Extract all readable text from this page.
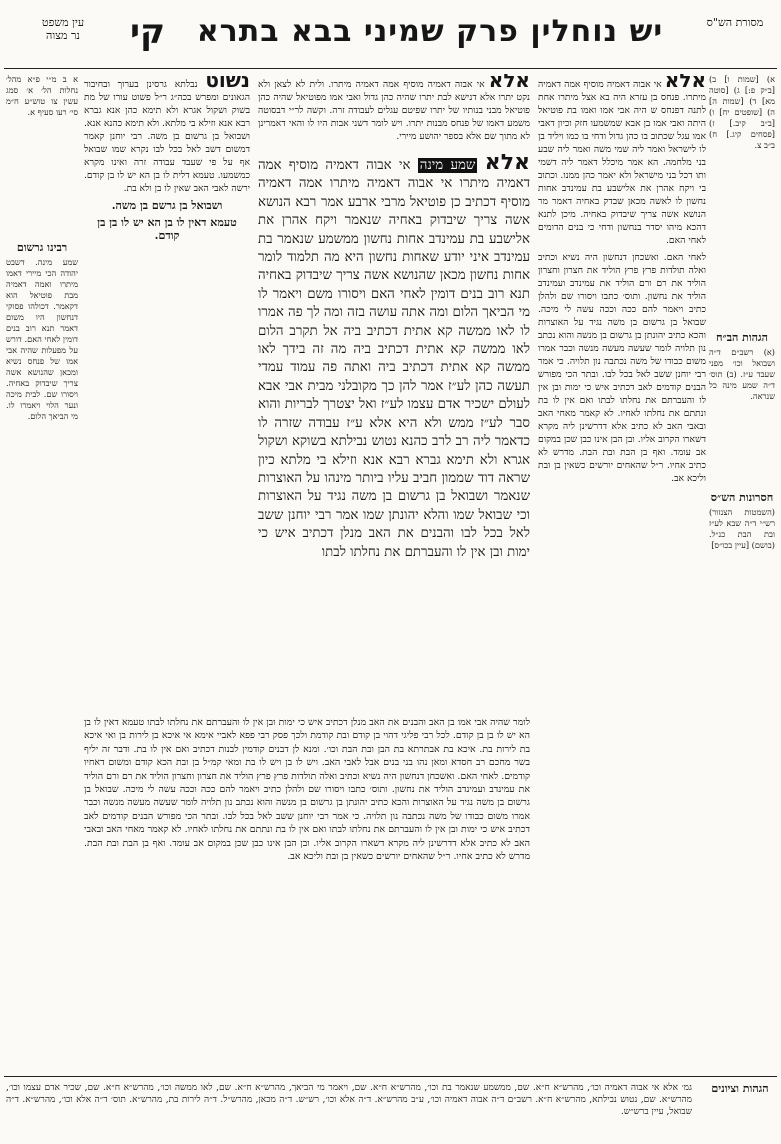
עין משפט
נר מצוה	קי	יש נוחלין פרק שמיני בבא בתרא	מסורת הש"ס
א) [שמות ו] ב) [ב״ק פ:] ג) [סוטה מא] ד) [שמות ה] ה) [שופטים יח] ו) [ב״ב קיב.] ז) [פסחים קיג.] ח) ב״ב צ.
הגהות הב״ח
(א) רשב״ם ד״ה ושבואל וכו׳ מפני שעבד ע״ז. (ב) תוס׳ ד״ה שמע מינה כל שנראה.
חסרונות הש״ס
(השמטות הצנזור) רש״י ד״ה שבא לע״ז ובת הבת כנ״ל. (בושם) [עיין בכו״ס]
אלא אי אבוה דאמיה מוסיף אמה דאמיה מיתרו. פנחס בן עזרא היה בא אצל מיתרו אחת לתנה דפנחס ש היה אבי אמו ואמו בת פוטיאל היתה ואבי אמו בן אבא שמשמעו חזק וכיון דאבי אמו עגל שכתוב בו כהן גדול ודחי בו כמו ויליד בן לו לישראל ואמר ליה שמי משה ואמר ליה שבע בני מלחמה. הא אמר מיכלל דאמר ליה דשמי ותו דכל בני מישראל ולא יאמר כהן ממנו. וכתוב בי ויקח אהרן את אלישבע בת עמינדב אחות נחשון לו לאשה מכאן שבדק באחיה דאמר מר הנושא אשה צריך שיבדוק באחיה. מיכן לתנא דהכא מיהו יסדר בנחשון ודחי כי בנים הדומים לאחי האם.

לאחי האם. ואשכחן דנחשון היה נשיא וכתיב ואלה תולדות פרץ פרץ הוליד את חצרון וחצרון הוליד את רם ורם הוליד את עמינדב ועמינדב הוליד את נחשון. ותוס׳ כתבו ויסורו שם ולהלן כתיב ויאמר להם ככה וככה עשה לי מיכה. שבואל בן גרשום בן משה נגיד על האוצרות והכא כתיב יהונתן בן גרשום בן מנשה והוא נכתב נון תלויה לומר שעשה מעשה מנשה וכבר אמרו משום כבודו של משה נכתבה נון תלויה. כי אמר רבי יוחנן ששב לאל בכל לבו. ובתר הכי מפורש הבנים קודמים לאב דכתיב איש כי ימות ובן אין לו והעברתם את נחלתו לבתו ואם אין לו בת ונתתם את נחלתו לאחיו. לא קאמר מאחי האב ובאבי האב לא כתיב אלא דדרשינן ליה מקרא דשארו הקרוב אליו. ובן הבן אינו כבן שכן במקום אב עומד. ואף בן הבת ובת הבת. מדרש לא כתיב אחיו. ר״ל שהאחים יורשים כשאין בן ובת וליכא אב.
אלא אי אבוה דאמיה מוסיף אמה דאמיה מיתרו. ולית לא לצאן ולא נקט יתרו אלא דנישא לבת יתרו שהיה כהן גדול ואבי אמו מפוטיאל שהיה כהן פוטיאל מבני בנותיו של יתרו שפיטם עגלים לעבודה זרה. וקשה לר״י דבסוטה משמע דאמו של פנחס מבנות יתרו. ויש לומר דשני אבות היו לו והאי דאמרינן לא מתוך שם אלא בספר יהושע מיירי.
אלא שמע מינה אי אבוה דאמיה מוסיף אמה דאמיה מיתרו אי אבוה דאמיה מיתרו אמה דאמיה מוסיף דכתיב כן פוטיאל מרבי ארבע אמר רבא הנושא אשה צריך שיבדוק באחיה שנאמר ויקח אהרן את אלישבע בת עמינדב אחות נחשון ממשמע שנאמר בת עמינדב איני יודע שאחות נחשון היא מה תלמוד לומר אחות נחשון מכאן שהנושא אשה צריך שיבדוק באחיה תנא רוב בנים דומין לאחי האם ויסורו משם ויאמר לו מי הביאך הלום ומה אתה עושה בזה ומה לך פה אמרו לו לאו ממשה קא אתית דכתיב ביה אל תקרב הלום לאו ממשה קא אתית דכתיב ביה מה זה בידך לאו ממשה קא אתית דכתיב ביה ואתה פה עמוד עמדי תעשה כהן לע״ז אמר להן כך מקובלני מבית אבי אבא לעולם ישכיר אדם עצמו לע״ז ואל יצטרך לבריות והוא סבר לע״ז ממש ולא היא אלא ע״ז עבודה שזרה לו כדאמר ליה רב לרב כהנא נטוש נבילתא בשוקא ושקול אגרא ולא תימא גברא רבא אנא וזילא בי מלתא כיון שראה דוד שממון חביב עליו ביותר מינהו על האוצרות שנאמר ושבואל בן גרשום בן משה נגיד על האוצרות וכי שבואל שמו והלא יהונתן שמו אמר רבי יוחנן ששב לאל בכל לבו והבנים את האב מנלן דכתיב איש כי ימות ובן אין לו והעברתם את נחלתו לבתו
נשוט נבלתא גרסינן בערוך ובחיבור הגאונים ומפרש בכה״ג ר״ל פשוט עורו של מת בשוק ושקול אגרא ולא תימא כהן אנא גברא רבא אנא וזילא בי מלתא. ולא תימא כהנא אנא. ושבואל בן גרשום בן משה. רבי יוחנן קאמר דמשום דשב לאל בכל לבו נקרא שמו שבואל אף על פי שעבד עבודה זרה ואינו מקרא כמשמעו. טעמא דלית לו בן הא יש לו בן קודם. ירשה לאבי האב שאין לו בן ולא בת.

ושבואל בן גרשם בן משה.
טעמא דאין לו בן הא יש לו בן בן קודם.
א ב מ״י פ״א מהל׳ נחלות הל׳ א׳ סמג עשין צו טוש״ע ח״מ סי׳ רעו סעיף א.
רבינו גרשום
שמע מינה. דשבט יהודה הכי מיירי דאמו מיתרו ואמה דאמיה מבת פוטיאל הוא דקאמר. דכולהו פסוקי דנחשון היו משום דאמר תנא רוב בנים דומין לאחי האם. דורש על מפעלות שהיה אבי אמו של פנחס נשיא ומכאן שהנושא אשה צריך שיבדוק באחיה. ויסורו שם. לבית מיכה ונער הלוי ויאמרו לו. מי הביאך הלום.
לומר שהיה אבי אמו בן האב והבנים את האב מנלן דכתיב איש כי ימות ובן אין לו והעברתם את נחלתו לבתו טעמא דאין לו בן הא יש לו בן בן קודם. לכל רבי פליגי דהוי בן קודם ובת קודמת ולכך פסק רבי פפא לאביי אימא אי איכא בן לירות בן ואי איכא בת לירות בת. איכא בת אבתרתא בת הבן ובת הבת וכו׳. ומנא לן דבנים קודמין לבנות דכתיב ואם אין לו בת. ודבר זה יליף בשר מחכם רב חסדא ומאן נהו בני בנים אבל לאבי האב. ויש לו בן ויש לו בת ומאי קמ״ל בן ובת הכא קודם ומשום דאחיו קודמים. לאחי האם. ואשכחן דנחשון היה נשיא וכתיב ואלה תולדות פרץ פרץ הוליד את חצרון וחצרון הוליד את רם ורם הוליד את עמינדב ועמינדב הוליד את נחשון. ותוס׳ כתבו ויסורו שם ולהלן כתיב ויאמר להם ככה וככה עשה לי מיכה. שבואל בן גרשום בן משה נגיד על האוצרות והכא כתיב יהונתן בן גרשום בן מנשה והוא נכתב נון תלויה לומר שעשה מעשה מנשה וכבר אמרו משום כבודו של משה נכתבה נון תלויה. כי אמר רבי יוחנן ששב לאל בכל לבו. ובתר הכי מפורש הבנים קודמים לאב דכתיב איש כי ימות ובן אין לו והעברתם את נחלתו לבתו ואם אין לו בת ונתתם את נחלתו לאחיו. לא קאמר מאחי האב ובאבי האב לא כתיב אלא דדרשינן ליה מקרא דשארו הקרוב אליו. ובן הבן אינו כבן שכן במקום אב עומד. ואף בן הבת ובת הבת. מדרש לא כתיב אחיו. ר״ל שהאחים יורשים כשאין בן ובת וליכא אב.
הגהות וציונים
גמ׳ אלא אי אבוה דאמיה וכו׳, מהרש״א ח״א. שם, ממשמע שנאמר בת וכו׳, מהרש״א ח״א. שם, ויאמר מי הביאך, מהרש״א ח״א. שם, לאו ממשה וכו׳, מהרש״א ח״א. שם, שכיר אדם עצמו וכו׳, מהרש״א. שם, נטוש נבילתא, מהרש״א ח״א. רשב״ם ד״ה אבוה דאמיה וכו׳, ע״ב מהרש״א. ד״ה אלא וכו׳, רש״ש. ד״ה מכאן, מהרש״ל. ד״ה לירות בת, מהרש״א. תוס׳ ד״ה אלא וכו׳, מהרש״א. ד״ה שבואל, עיין ברש״ש.
